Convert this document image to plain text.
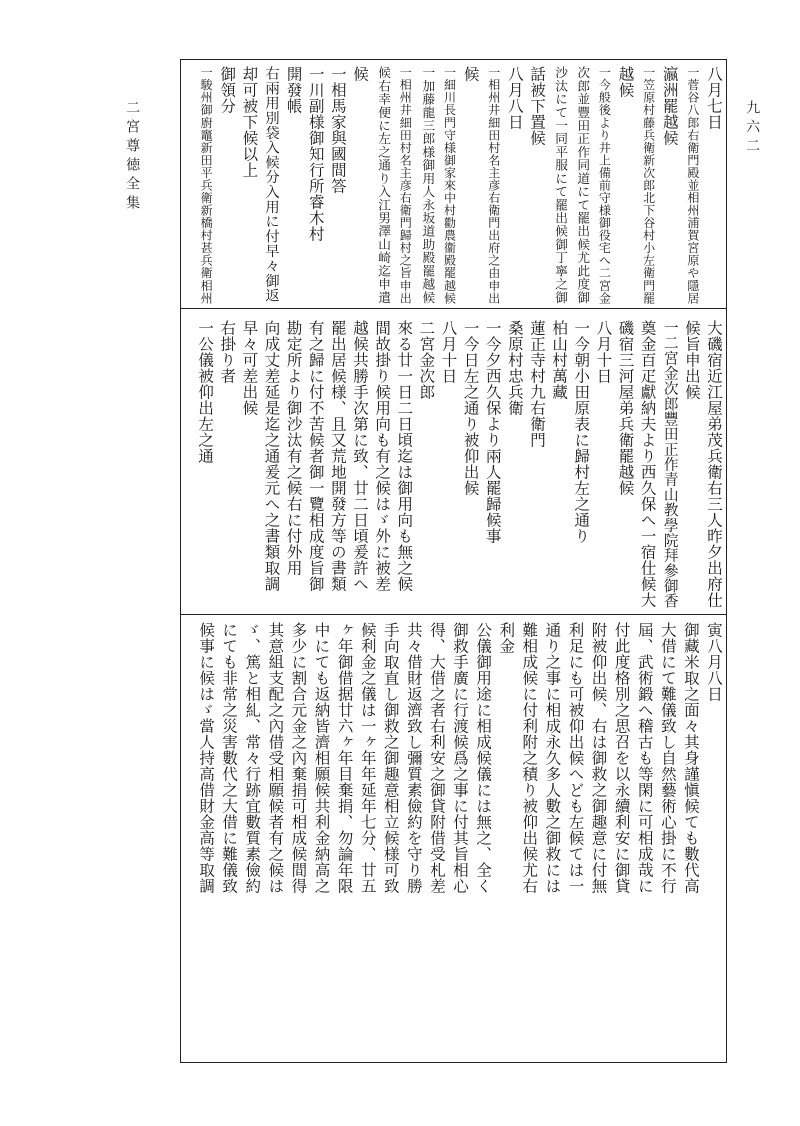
二宮尊徳全集	九六二
八月七日
一菅谷八郎右衛門殿並相州浦賀宮原や隱居
瀛洲罷越候
一笠原村藤兵衛新次郎北下谷村小左衛門罷
越候
一今般後より井上備前守様御役宅へ二宮金
次郎並豐田正作同道にて罷出候尤此度御
沙汰にて一同平服にて罷出候御丁寧之御
話被下置候
八月八日
一相州井細田村名主彦右衛門出府之由申出
候
一細川長門守様御家來中村勸農衞殿罷越候
一加藤龍三郎様御用人永坂道助殿罷越候
一相州井細田村名主彦右衛門歸村之旨申出
候右幸便に左之通り入江男澤山崎迄申遣
候
一相馬家與國間答
一川副様御知行所睿木村
開發帳
右兩用別袋入候分入用に付早々御返
却可被下候以上
御領分
一駿州御廚竈新田平兵衛新橋村甚兵衛相州
大磯宿近江屋弟茂兵衛右三人昨夕出府仕
候旨申出候
一二宮金次郎豐田正作青山教學院拜參御香
奠金百疋獻納夫より西久保へ一宿仕候大
磯宿三河屋弟兵衛罷越候
八月十日
一今朝小田原表に歸村左之通り
柏山村萬藏
蓮正寺村九右衛門
桑原村忠兵衛
一今夕西久保より兩人罷歸候事
一今日左之通り被仰出候
八月十日
二宮金次郎
來る廿一日二日頃迄は御用向も無之候
間故掛り候用向も有之候はゞ外に被差
越候共勝手次第に致、廿二日頃爰許へ
罷出居候様、且又荒地開發方等の書類
有之歸に付不苦候者御一覽相成度旨御
勘定所より御沙汰有之候右に付外用
向成丈差延是迄之通爰元へ之書類取調
早々可差出候
右掛り者
一公儀被仰出左之通
寅八月八日
御藏米取之面々其身謹愼候ても數代高
大借にて難儀致し自然藝術心掛に不行
屆、武術鍛へ稽古も等閑に可相成哉に
付此度格別之思召を以永續利安に御貸
附被仰出候、右は御救之御趣意に付無
利足にも可被仰出候へども左候ては一
通り之事に相成永久多人數之御救には
難相成候に付利附之積り被仰出候尤右
利金
公儀御用途に相成候儀には無之、全く
御救手廣に行渡候爲之事に付其旨相心
得、大借之者右利安之御貸附借受札差
共々借財返濟致し彌質素儉約を守り勝
手向取直し御救之御趣意相立候様可致
候利金之儀は一ヶ年年延年七分、廿五
ヶ年御借据廿六ヶ年目棄捐、勿論年限
中にても返納皆濟相願候共利金納高之
多少に割合元金之內棄捐可相成候間得
其意組支配之內借受相願候者有之候は
ゞ、篤と相糺、常々行跡宜數質素儉約
にても非常之災害數代之大借に難儀致
候事に候はゞ當人持高借財金高等取調
